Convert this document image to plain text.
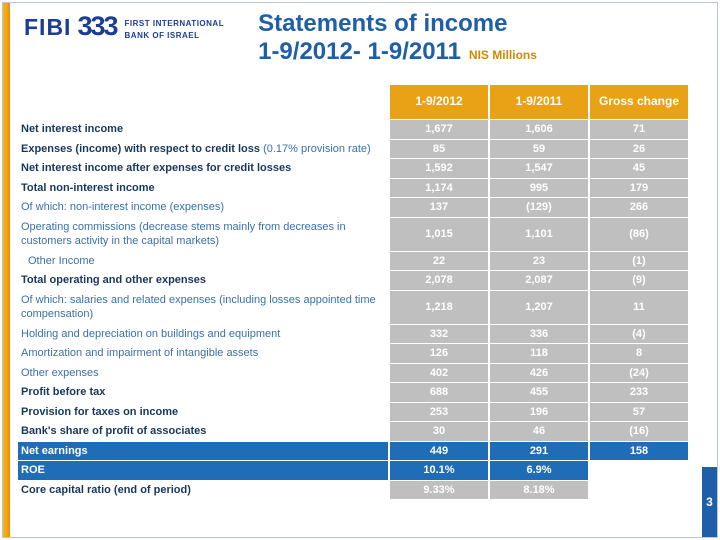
FIBI 333 FIRST INTERNATIONAL
BANK OF ISRAEL	Statements of income
1-9/2012- 1-9/2011 NIS Millions
	1-9/2012	1-9/2011	Gross change
Net interest income	1,677	1,606	71
Expenses (income) with respect to credit loss (0.17% provision rate)	85	59	26
Net interest income after expenses for credit losses	1,592	1,547	45
Total non-interest income	1,174	995	179
Of which: non-interest income (expenses)	137	(129)	266
Operating commissions (decrease stems mainly from decreases in customers activity in the capital markets)	1,015	1,101	(86)
Other Income	22	23	(1)
Total operating and other expenses	2,078	2,087	(9)
Of which: salaries and related expenses (including losses appointed time compensation)	1,218	1,207	11
Holding and depreciation on buildings and equipment	332	336	(4)
Amortization and impairment of intangible assets	126	118	8
Other expenses	402	426	(24)
Profit before tax	688	455	233
Provision for taxes on income	253	196	57
Bank's share of profit of associates	30	46	(16)
Net earnings	449	291	158
ROE	10.1%	6.9%	
Core capital ratio (end of period)	9.33%	8.18%	
3
